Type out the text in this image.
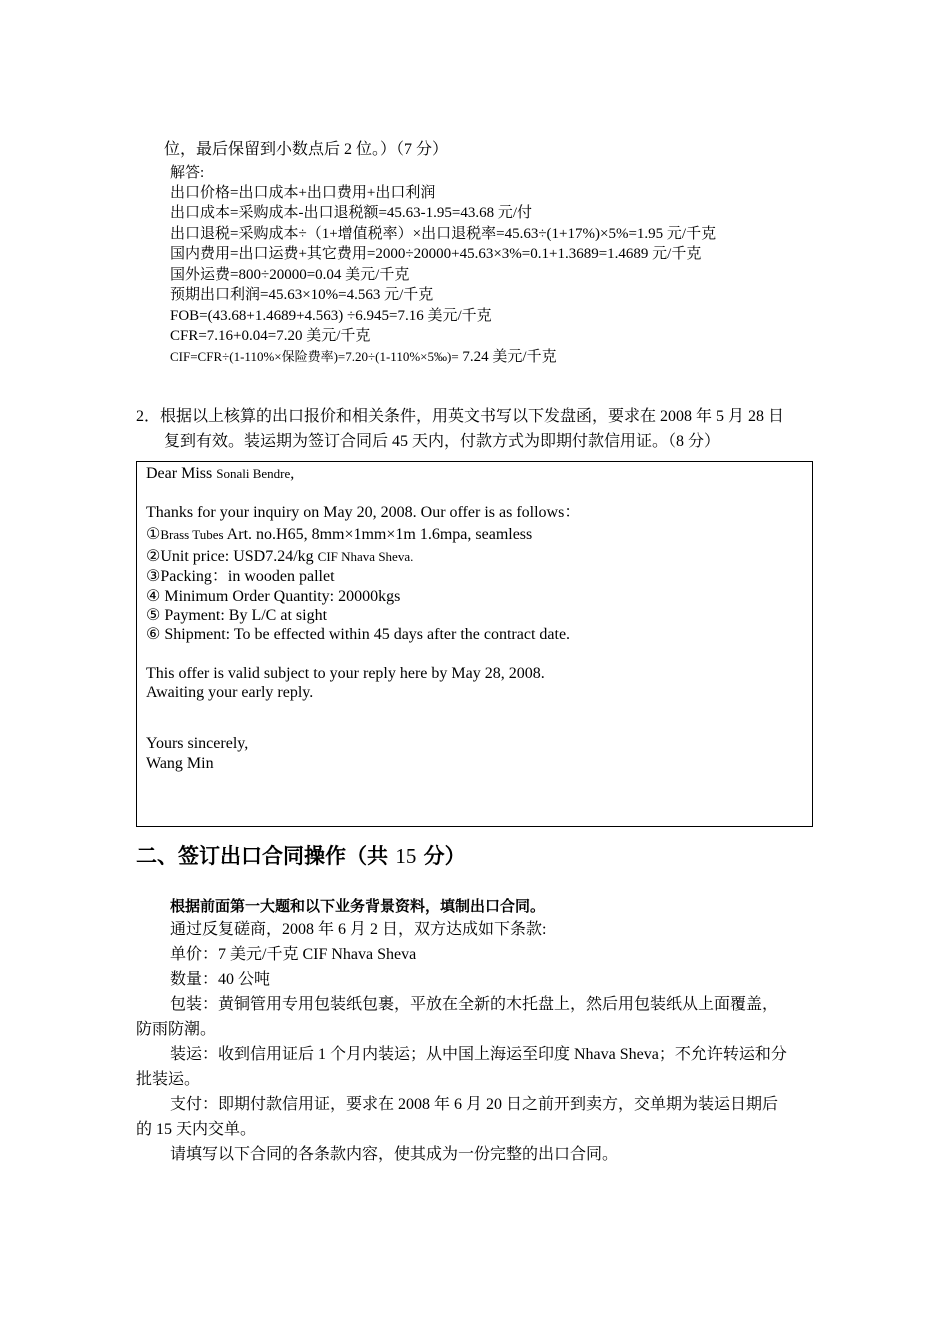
位，最后保留到小数点后 2 位。）（7 分）
解答:
出口价格=出口成本+出口费用+出口利润
出口成本=采购成本-出口退税额=45.63-1.95=43.68 元/付
出口退税=采购成本÷（1+增值税率）×出口退税率=45.63÷(1+17%)×5%=1.95 元/千克
国内费用=出口运费+其它费用=2000÷20000+45.63×3%=0.1+1.3689=1.4689 元/千克
国外运费=800÷20000=0.04 美元/千克
预期出口利润=45.63×10%=4.563 元/千克
FOB=(43.68+1.4689+4.563) ÷6.945=7.16 美元/千克
CFR=7.16+0.04=7.20 美元/千克
CIF=CFR÷(1-110%×保险费率)=7.20÷(1-110%×5‰)= 7.24 美元/千克
2．根据以上核算的出口报价和相关条件，用英文书写以下发盘函，要求在 2008 年 5 月 28 日
复到有效。装运期为签订合同后 45 天内，付款方式为即期付款信用证。（8 分）
Dear Miss Sonali Bendre,
Thanks for your inquiry on May 20, 2008. Our offer is as follows：
①Brass Tubes Art. no.H65, 8mm×1mm×1m 1.6mpa, seamless
②Unit price: USD7.24/kg CIF Nhava Sheva.
③Packing：in wooden pallet
④ Minimum Order Quantity: 20000kgs
⑤ Payment: By L/C at sight
⑥ Shipment: To be effected within 45 days after the contract date.
This offer is valid subject to your reply here by May 28, 2008.
Awaiting your early reply.
Yours sincerely,
Wang Min
二、签订出口合同操作（共 15 分）
根据前面第一大题和以下业务背景资料，填制出口合同。
通过反复磋商，2008 年 6 月 2 日，双方达成如下条款:
单价：7 美元/千克 CIF Nhava Sheva
数量：40 公吨
包装：黄铜管用专用包装纸包裹，平放在全新的木托盘上，然后用包装纸从上面覆盖，
防雨防潮。
装运：收到信用证后 1 个月内装运；从中国上海运至印度 Nhava Sheva；不允许转运和分
批装运。
支付：即期付款信用证，要求在 2008 年 6 月 20 日之前开到卖方，交单期为装运日期后
的 15 天内交单。
请填写以下合同的各条款内容，使其成为一份完整的出口合同。
